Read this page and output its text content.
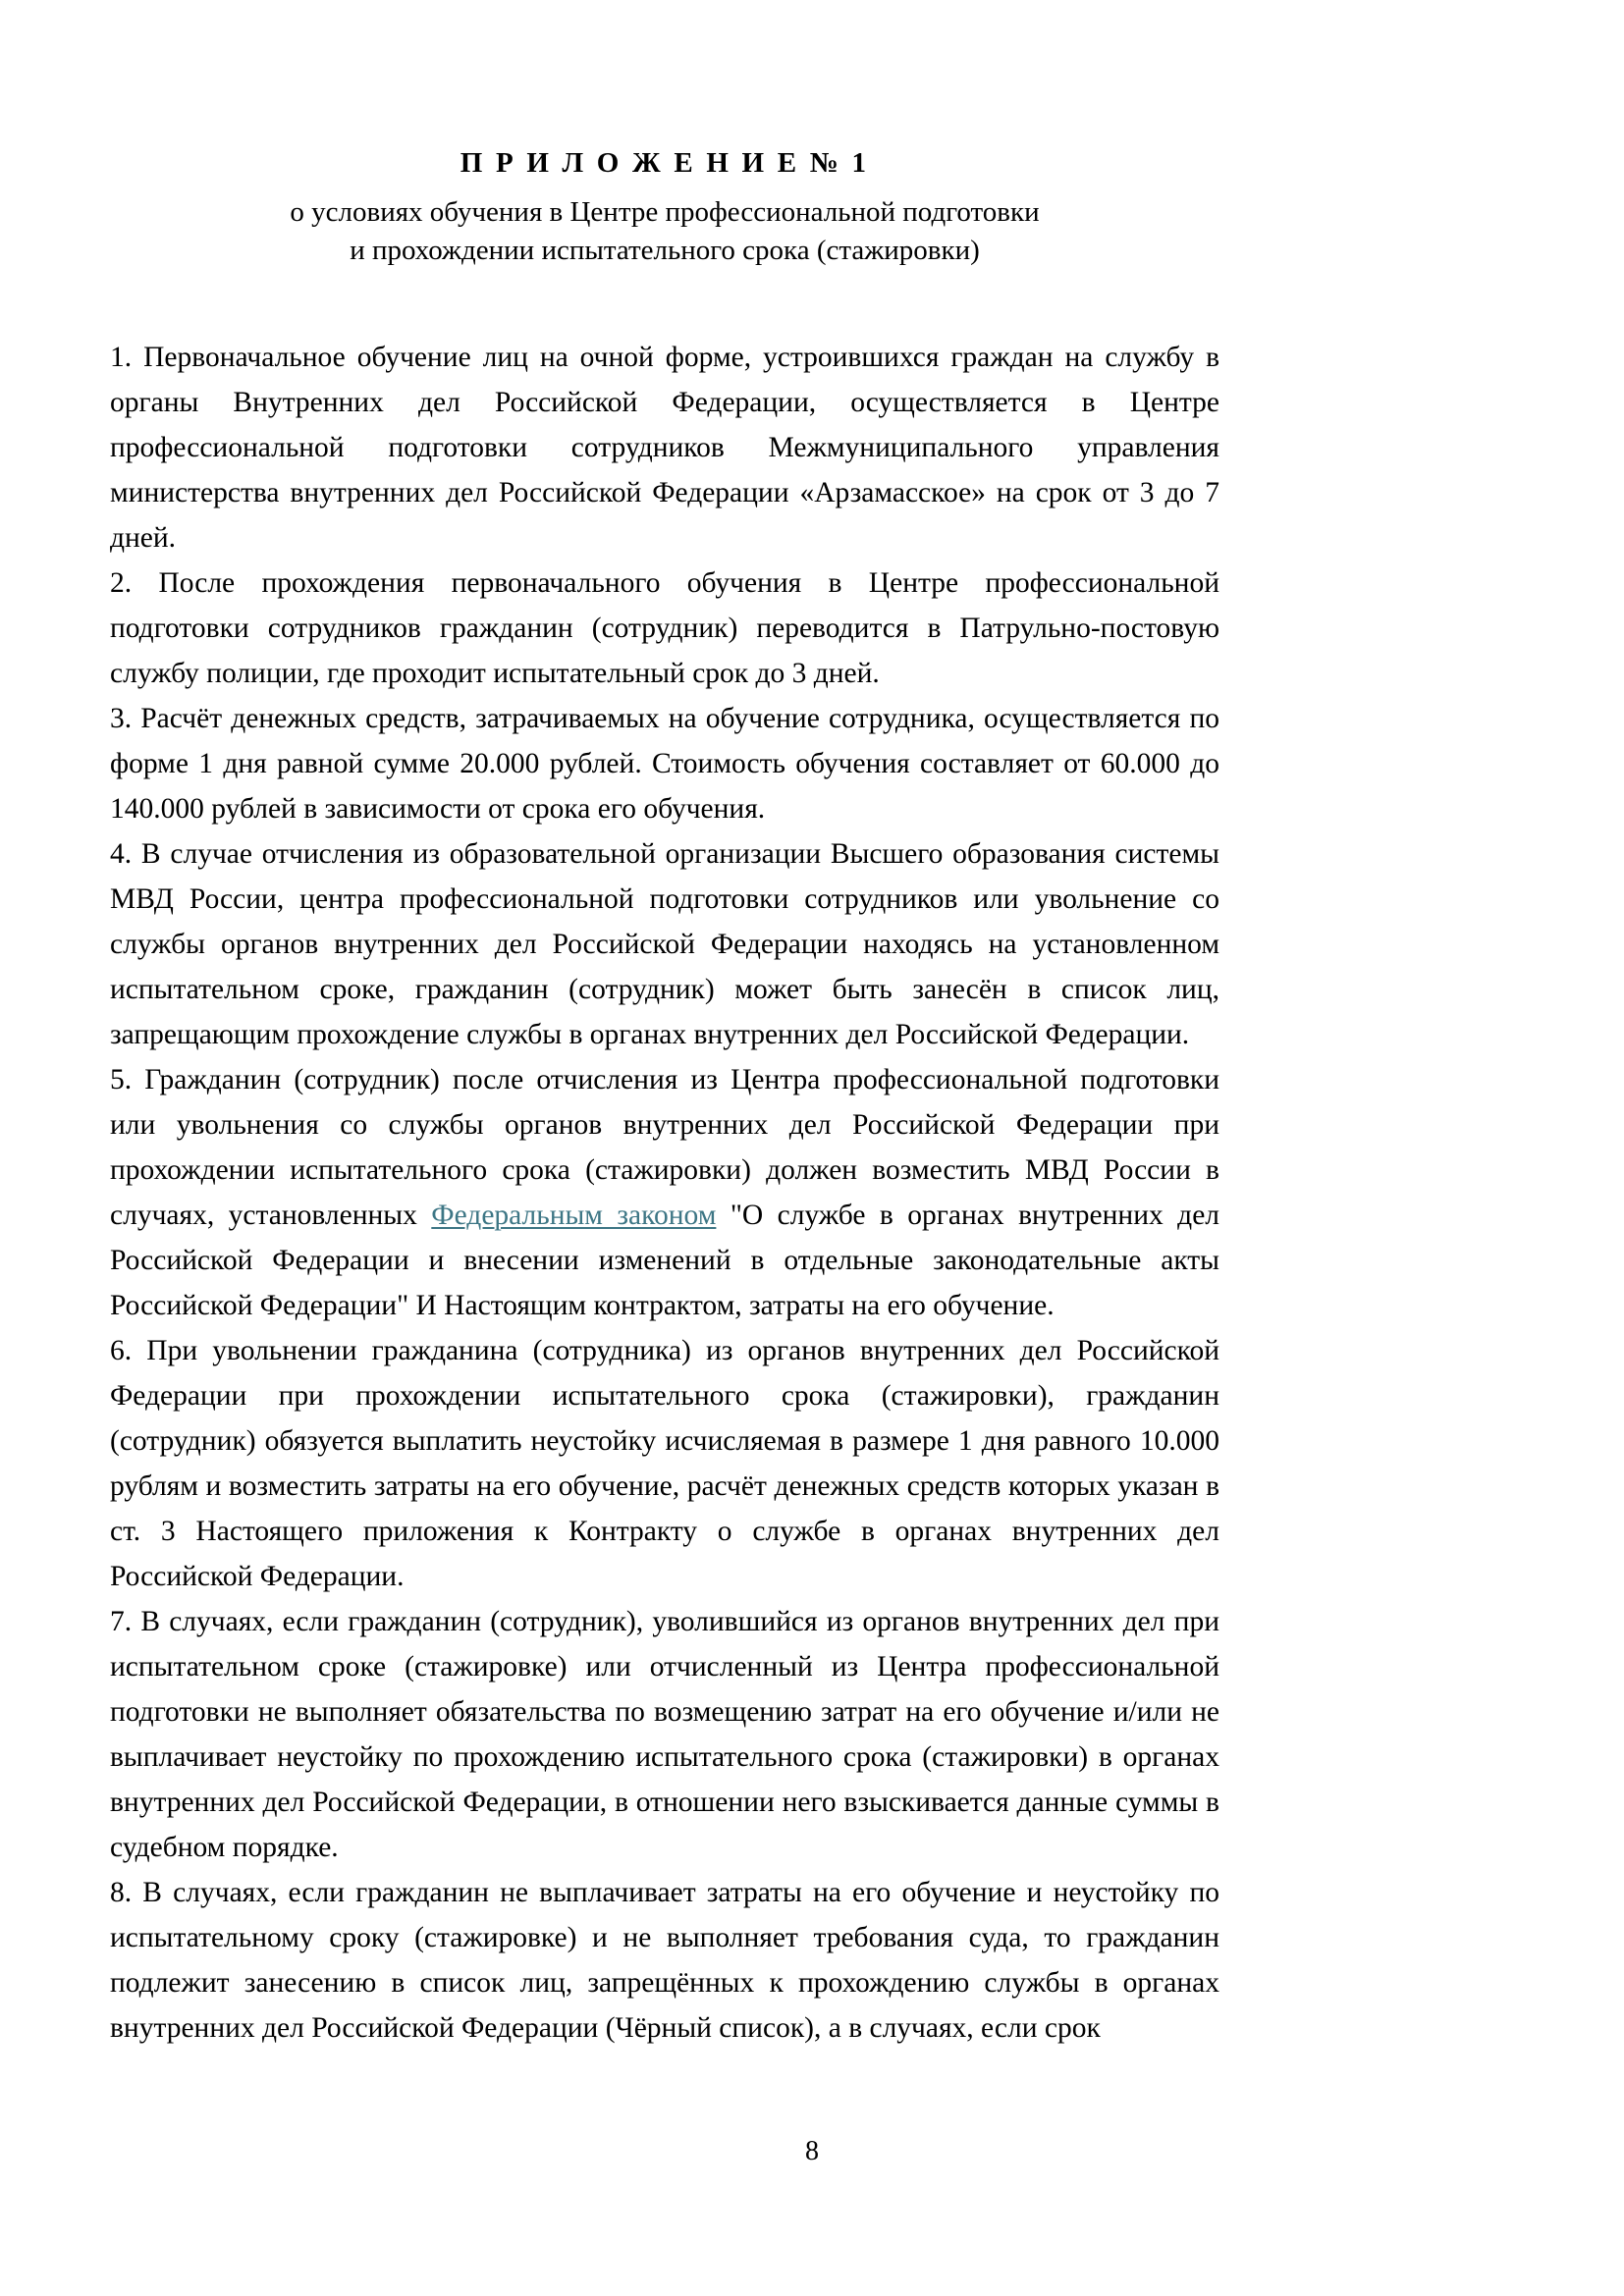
П Р И Л О Ж Е Н И Е № 1
о условиях обучения в Центре профессиональной подготовки
и прохождении испытательного срока (стажировки)

1. Первоначальное обучение лиц на очной форме, устроившихся граждан на службу в органы Внутренних дел Российской Федерации, осуществляется в Центре профессиональной подготовки сотрудников Межмуниципального управления министерства внутренних дел Российской Федерации «Арзамасское» на срок от 3 до 7 дней.

2. После прохождения первоначального обучения в Центре профессиональной подготовки сотрудников гражданин (сотрудник) переводится в Патрульно-постовую службу полиции, где проходит испытательный срок до 3 дней.

3. Расчёт денежных средств, затрачиваемых на обучение сотрудника, осуществляется по форме 1 дня равной сумме 20.000 рублей. Стоимость обучения составляет от 60.000 до 140.000 рублей в зависимости от срока его обучения.

4. В случае отчисления из образовательной организации Высшего образования системы МВД России, центра профессиональной подготовки сотрудников или увольнение со службы органов внутренних дел Российской Федерации находясь на установленном испытательном сроке, гражданин (сотрудник) может быть занесён в список лиц, запрещающим прохождение службы в органах внутренних дел Российской Федерации.

5. Гражданин (сотрудник) после отчисления из Центра профессиональной подготовки или увольнения со службы органов внутренних дел Российской Федерации при прохождении испытательного срока (стажировки) должен возместить МВД России в случаях, установленных Федеральным законом "О службе в органах внутренних дел Российской Федерации и внесении изменений в отдельные законодательные акты Российской Федерации" И Настоящим контрактом, затраты на его обучение.

6. При увольнении гражданина (сотрудника) из органов внутренних дел Российской Федерации при прохождении испытательного срока (стажировки), гражданин (сотрудник) обязуется выплатить неустойку исчисляемая в размере 1 дня равного 10.000 рублям и возместить затраты на его обучение, расчёт денежных средств которых указан в ст. 3 Настоящего приложения к Контракту о службе в органах внутренних дел Российской Федерации.

7. В случаях, если гражданин (сотрудник), уволившийся из органов внутренних дел при испытательном сроке (стажировке) или отчисленный из Центра профессиональной подготовки не выполняет обязательства по возмещению затрат на его обучение и/или не выплачивает неустойку по прохождению испытательного срока (стажировки) в органах внутренних дел Российской Федерации, в отношении него взыскивается данные суммы в судебном порядке.

8. В случаях, если гражданин не выплачивает затраты на его обучение и неустойку по испытательному сроку (стажировке) и не выполняет требования суда, то гражданин подлежит занесению в список лиц, запрещённых к прохождению службы в органах внутренних дел Российской Федерации (Чёрный список), а в случаях, если срок

8
